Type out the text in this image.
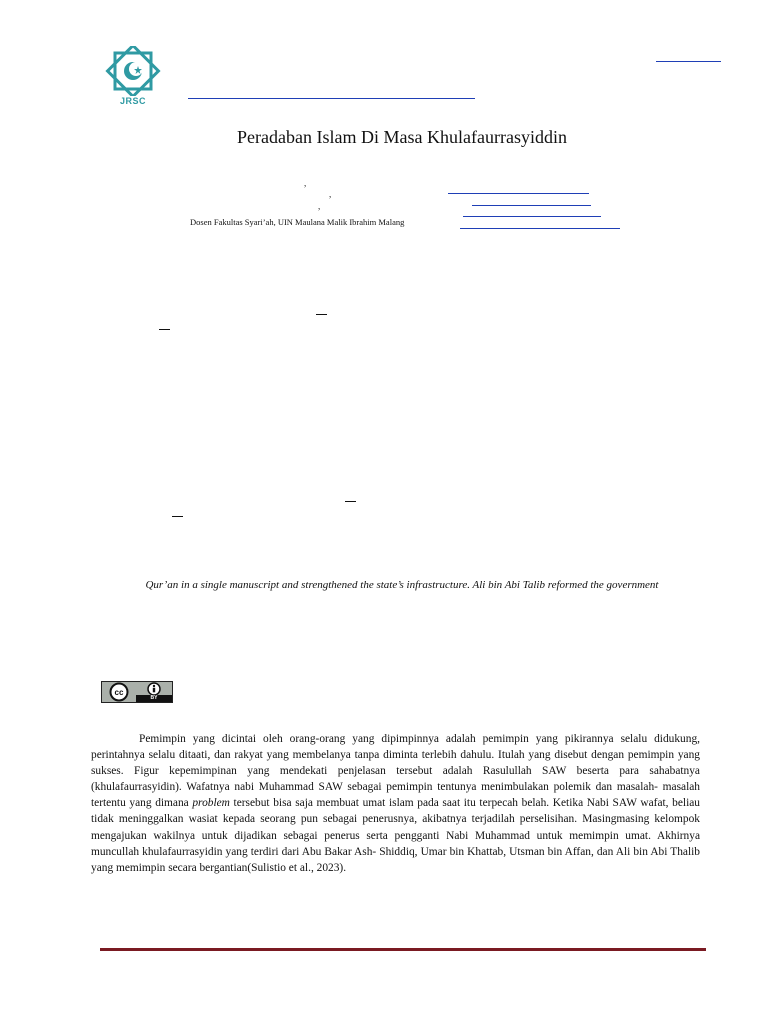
JRSC
Peradaban Islam Di Masa Khulafaurrasyiddin
,
,
,
Dosen Fakultas Syari’ah, UIN Maulana Malik Ibrahim Malang
Qur’an in a single manuscript and strengthened the state’s infrastructure. Ali bin Abi Talib reformed the government
cc
BY
Pemimpin yang dicintai oleh orang-orang yang dipimpinnya adalah pemimpin yang pikirannya selalu didukung, perintahnya selalu ditaati, dan rakyat yang membelanya tanpa diminta terlebih dahulu. Itulah yang disebut dengan pemimpin yang sukses. Figur kepemimpinan yang mendekati penjelasan tersebut adalah Rasulullah SAW beserta para sahabatnya (khulafaurrasyidin). Wafatnya nabi Muhammad SAW sebagai pemimpin tentunya menimbulakan polemik dan masalah- masalah tertentu yang dimana problem tersebut bisa saja membuat umat islam pada saat itu terpecah belah. Ketika Nabi SAW wafat, beliau tidak meninggalkan wasiat kepada seorang pun sebagai penerusnya, akibatnya terjadilah perselisihan. Masingmasing kelompok mengajukan wakilnya untuk dijadikan sebagai penerus serta pengganti Nabi Muhammad untuk memimpin umat. Akhirnya muncullah khulafaurrasyidin yang terdiri dari Abu Bakar Ash- Shiddiq, Umar bin Khattab, Utsman bin Affan, dan Ali bin Abi Thalib yang memimpin secara bergantian(Sulistio et al., 2023).
